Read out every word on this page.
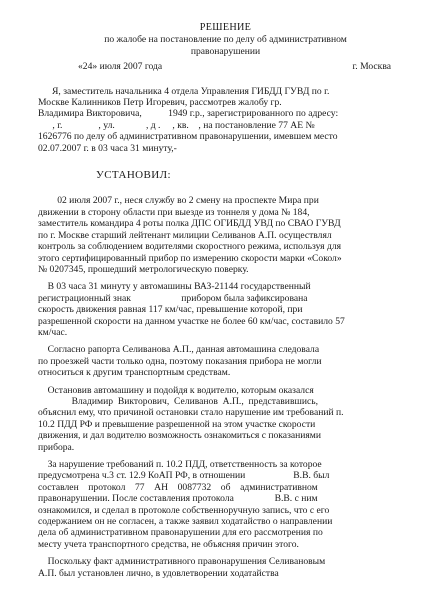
РЕШЕНИЕ
по жалобе на постановление по делу об административном
правонарушении
«24» июля 2007 года	г. Москва
Я, заместитель начальника 4 отдела Управления ГИБДД ГУВД по г.
Москве Калинников Петр Игоревич, рассмотрев жалобу гр.
Владимира Викторовича,           1949 г.р., зарегистрированного по адресу:
, г.               , ул.             , д .     , кв.    , на постановление 77 АЕ №
1626776 по делу об административном правонарушении, имевшем место
02.07.2007 г. в 03 часа 31 минуту,-
УСТАНОВИЛ:
02 июля 2007 г., неся службу во 2 смену на проспекте Мира при
движении в сторону области при выезде из тоннеля у дома № 184,
заместитель командира 4 роты полка ДПС ОГИБДД УВД по СВАО ГУВД
по г. Москве старший лейтенант милиции Селиванов А.П. осуществлял
контроль за соблюдением водителями скоростного режима, используя для
этого сертифицированный прибор по измерению скорости марки «Сокол»
№ 0207345, прошедший метрологическую поверку.
В 03 часа 31 минуту у автомашины ВАЗ-21144 государственный
регистрационный знак                     прибором была зафиксирована
скорость движения равная 117 км/час, превышение которой, при
разрешенной скорости на данном участке не более 60 км/час, составило 57
км/час.
Согласно рапорта Селиванова А.П., данная автомашина следовала
по проезжей части только одна, поэтому показания прибора не могли
относиться к другим транспортным средствам.
Остановив автомашину и подойдя к водителю, которым оказался
Владимир  Викторович,  Селиванов  А.П.,  представившись,
объяснил ему, что причиной остановки стало нарушение им требований п.
10.2 ПДД РФ и превышение разрешенной на этом участке скорости
движения, и дал водителю возможность ознакомиться с показаниями
прибора.
За нарушение требований п. 10.2 ПДД, ответственность за которое
предусмотрена ч.3 ст. 12.9 КоАП РФ, в отношении                    В.В. был
составлен    протокол    77    АН    0087732    об    административном
правонарушении. После составления протокола                 В.В. с ним
ознакомился, и сделал в протоколе собственноручную запись, что с его
содержанием он не согласен, а также заявил ходатайство о направлении
дела об административном правонарушении для его рассмотрения по
месту учета транспортного средства, не объясняя причин этого.
Поскольку факт административного правонарушения Селивановым
А.П. был установлен лично, в удовлетворении ходатайства
